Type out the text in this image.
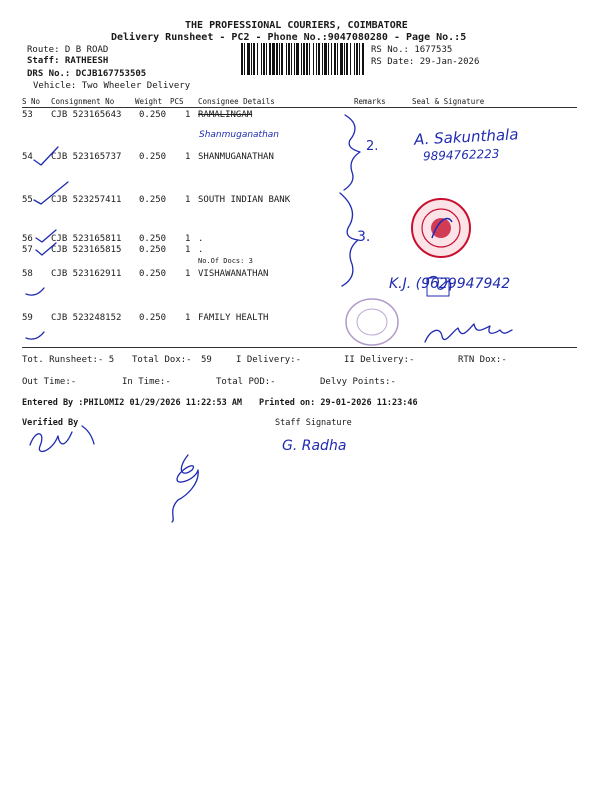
THE PROFESSIONAL COURIERS, COIMBATORE
Delivery Runsheet - PC2 - Phone No.:9047080280 - Page No.:5
Route: D B ROAD
Staff: RATHEESH
DRS No.: DCJB167753505
Vehicle: Two Wheeler Delivery
RS No.: 1677535
RS Date: 29-Jan-2026
S No Consignment No	Weight PCS Consignee Details	Remarks	Seal & Signature
53 CJB 523165643 0.250 1 RAMALINGAM
54 CJB 523165737 0.250 1 SHANMUGANATHAN
55 CJB 523257411 0.250 1 SOUTH INDIAN BANK
56 CJB 523165811 0.250 1 .
57 CJB 523165815 0.250 1 .
No.Of Docs: 3
58 CJB 523162911 0.250 1 VISHAWANATHAN
59 CJB 523248152 0.250 1 FAMILY HEALTH
Tot. Runsheet:- 5 Total Dox:- 59	I Delivery:-	II Delivery:-	RTN Dox:-
Out Time:-	In Time:-	Total POD:-	Delvy Points:-
Entered By :PHILOMI2 01/29/2026 11:22:53 AM Printed on: 29-01-2026 11:23:46
Verified By	Staff Signature
Shanmuganathan
2.
3.
A. Sakunthala
9894762223
K.J. (9629947942
G. Radha
